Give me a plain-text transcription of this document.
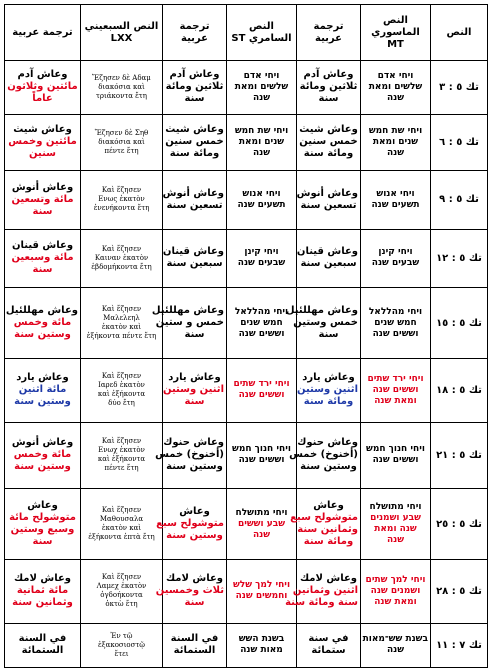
النص	النص الماسوري MT	ترجمة عربية	النص السامري ST	ترجمة عربية	النص السبعيني LXX	ترجمة عربية
تك ٥ : ٣	ויחי אדם
שלשים ומאת
שנה	وعاش آدم
ثلاثين ومائة
سنة	ויחי אדם
שלשים ומאת
שנה	وعاش آدم
ثلاثين ومائة
سنة	Ἔζησεν δὲ Αδαμ
διακόσια καὶ
τριάκοντα ἔτη	وعاش آدم
مائتين وثلاثون
عاماً

تك ٥ : ٦	ויחי שת חמש
שנים ומאת
שנה	وعاش شيث
خمس سنين
ومائة سنة	ויחי שת חמש
שנים ומאת
שנה	وعاش شيث
خمس سنين
ومائة سنة	Ἔζησεν δὲ Σηθ
διακόσια καὶ
πέντε ἔτη	وعاش شيث
مائتين وخمس
سنين

تك ٥ : ٩	ויחי אנוש
תשעים שנה	وعاش أنوش
تسعين سنة	ויחי אנוש
תשעים שנה	وعاش أنوش
تسعين سنة	Καὶ ἔζησεν
Ενως ἑκατὸν
ἐνενήκοντα ἔτη	وعاش أنوش
مائة وتسعين
سنة

تك ٥ : ١٢	ויחי קינן
שבעים שנה	وعاش قينان
سبعين سنة	ויחי קינן
שבעים שנה	وعاش قينان
سبعين سنة	Καὶ ἔζησεν
Καιναν ἑκατὸν
ἑβδομήκοντα ἔτη	وعاش قينان
مائة وسبعين
سنة

تك ٥ : ١٥	ויחי מהללאל
חמש שנים
וששים שנה	وعاش مهللئيل
خمس وستين
سنة	ויחי מהללאל
חמש שנים
וששים שנה	وعاش مهللئيل
خمس و ستين
سنة	Καὶ ἔζησεν
Μαλελεηλ
ἑκατὸν καὶ
ἑξήκοντα πέντε ἔτη	وعاش مهللئيل
مائة وخمس
وستين سنة

تك ٥ : ١٨	ויחי ירד שתים
וששים שנה
ומאת שנה	وعاش يارد
اثنين وستين
ومائة سنة	ויחי ירד שתים
וששים שנה	وعاش يارد
اثنين وستين
سنة	Καὶ ἔζησεν
Ιαρεδ ἑκατὸν
καὶ ἑξήκοντα
δύο ἔτη	وعاش يارد
مائة اثنين
وستين سنة

تك ٥ : ٢١	ויחי חנוך חמש
וששים שנה	وعاش حنوك
(أخنوخ) خمس
وستين سنة	ויחי חנוך חמש
וששים שנה	وعاش حنوك
(أخنوخ) خمس
وستين سنة	Καὶ ἔζησεν
Ενωχ ἑκατὸν
καὶ ἑξήκοντα
πέντε ἔτη	وعاش أنوش
مائة وخمس
وستين سنة

تك ٥ : ٢٥	ויחי מתושלח
שבע ושמנים
שנה ומאת
שנה	وعاش
متوشولح سبع
وثمانين سنة
ومائة سنة	ויחי מתושלח
שבע וששים
שנה	وعاش
متوشولح سبع
وستين سنة	Καὶ ἔζησεν
Μαθουσαλα
ἑκατὸν καὶ
ἑξήκοντα ἑπτὰ ἔτη	وعاش
متوشولح مائة
وسبع وستين
سنة

تك ٥ : ٢٨	ויחי למך שתים
ושמנים שנה
ומאת שנה	وعاش لامك
اثنين وثمانين
سنة ومائة سنة	ויחי למך שלש
וחמשים שנה	وعاش لامك
ثلاث وخمسين
سنة	Καὶ ἔζησεν
Λαμεχ ἑκατὸν
ὀγδοήκοντα
ὀκτὼ ἔτη	وعاش لامك
مائة ثمانية
وثمانين سنة

تك ٧ : ١١	בשנת שש־מאות
שנה	في سنة
ستمائة	בשנת השש
מאות שנה	في السنة
الستمائة	Ἐν τῷ
ἑξακοσιοστῷ
ἔτει	في السنة
الستمائة
